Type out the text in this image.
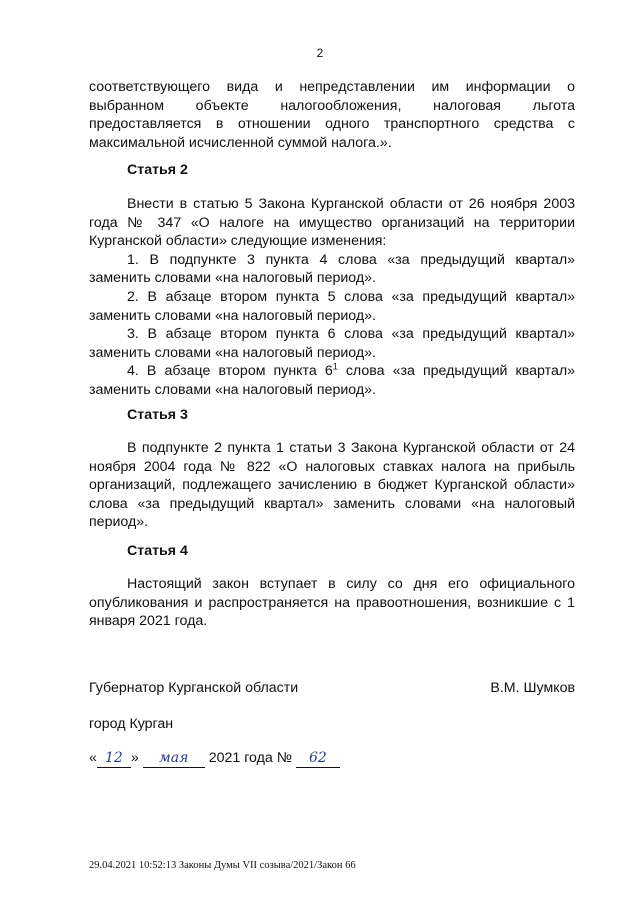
2

соответствующего вида и непредставлении им информации о выбранном объекте налогообложения, налоговая льгота предоставляется в отношении одного транспортного средства с максимальной исчисленной суммой налога.».

Статья 2

Внести в статью 5 Закона Курганской области от 26 ноября 2003 года № 347 «О налоге на имущество организаций на территории Курганской области» следующие изменения:

1. В подпункте 3 пункта 4 слова «за предыдущий квартал» заменить словами «на налоговый период».

2. В абзаце втором пункта 5 слова «за предыдущий квартал» заменить словами «на налоговый период».

3. В абзаце втором пункта 6 слова «за предыдущий квартал» заменить словами «на налоговый период».

4. В абзаце втором пункта $6^1$ слова «за предыдущий квартал» заменить словами «на налоговый период».

Статья 3

В подпункте 2 пункта 1 статьи 3 Закона Курганской области от 24 ноября 2004 года № 822 «О налоговых ставках налога на прибыль организаций, подлежащего зачислению в бюджет Курганской области» слова «за предыдущий квартал» заменить словами «на налоговый период».

Статья 4

Настоящий закон вступает в силу со дня его официального опубликования и распространяется на правоотношения, возникшие с 1 января 2021 года.

Губернатор Курганской области	В.М. Шумков
город Курган
« 12 »
	мая
	2021 года №
	62
29.04.2021 10:52:13 Законы Думы VII созыва/2021/Закон 66
